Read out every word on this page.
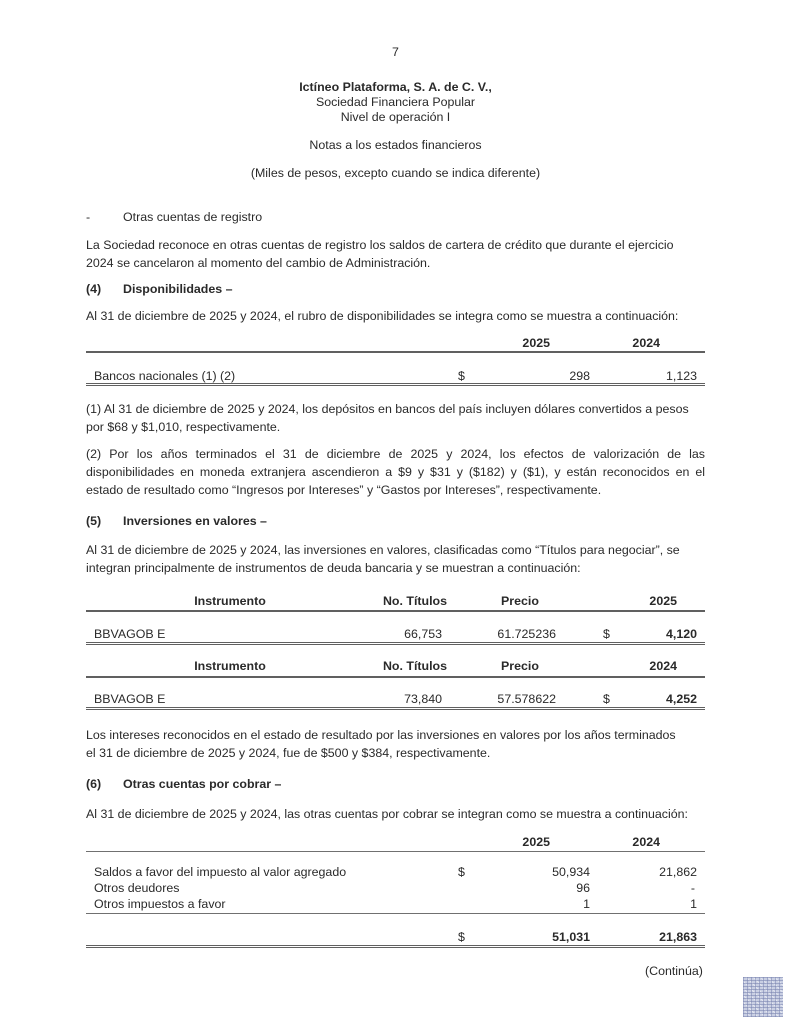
7
Ictíneo Plataforma, S. A. de C. V.,
Sociedad Financiera Popular
Nivel de operación I
Notas a los estados financieros
(Miles de pesos, excepto cuando se indica diferente)
-	Otras cuentas de registro
La Sociedad reconoce en otras cuentas de registro los saldos de cartera de crédito que durante el ejercicio
2024 se cancelaron al momento del cambio de Administración.
(4) Disponibilidades –
Al 31 de diciembre de 2025 y 2024, el rubro de disponibilidades se integra como se muestra a continuación:
2025	2024
Bancos nacionales (1) (2)	$	298	1,123
(1) Al 31 de diciembre de 2025 y 2024, los depósitos en bancos del país incluyen dólares convertidos a pesos
por $68 y $1,010, respectivamente.
(2) Por los años terminados el 31 de diciembre de 2025 y 2024, los efectos de valorización de las
disponibilidades en moneda extranjera ascendieron a $9 y $31 y ($182) y ($1), y están reconocidos en el
estado de resultado como “Ingresos por Intereses” y “Gastos por Intereses”, respectivamente.
(5) Inversiones en valores –
Al 31 de diciembre de 2025 y 2024, las inversiones en valores, clasificadas como “Títulos para negociar”, se
integran principalmente de instrumentos de deuda bancaria y se muestran a continuación:
Instrumento	No. Títulos	Precio	2025
BBVAGOB E	66,753	61.725236	$	4,120
Instrumento	No. Títulos	Precio	2024
BBVAGOB E	73,840	57.578622	$	4,252
Los intereses reconocidos en el estado de resultado por las inversiones en valores por los años terminados
el 31 de diciembre de 2025 y 2024, fue de $500 y $384, respectivamente.
(6) Otras cuentas por cobrar –
Al 31 de diciembre de 2025 y 2024, las otras cuentas por cobrar se integran como se muestra a continuación:
2025	2024
Saldos a favor del impuesto al valor agregado	$	50,934	21,862
Otros deudores	96	-
Otros impuestos a favor	1	1
$	51,031	21,863
(Continúa)
